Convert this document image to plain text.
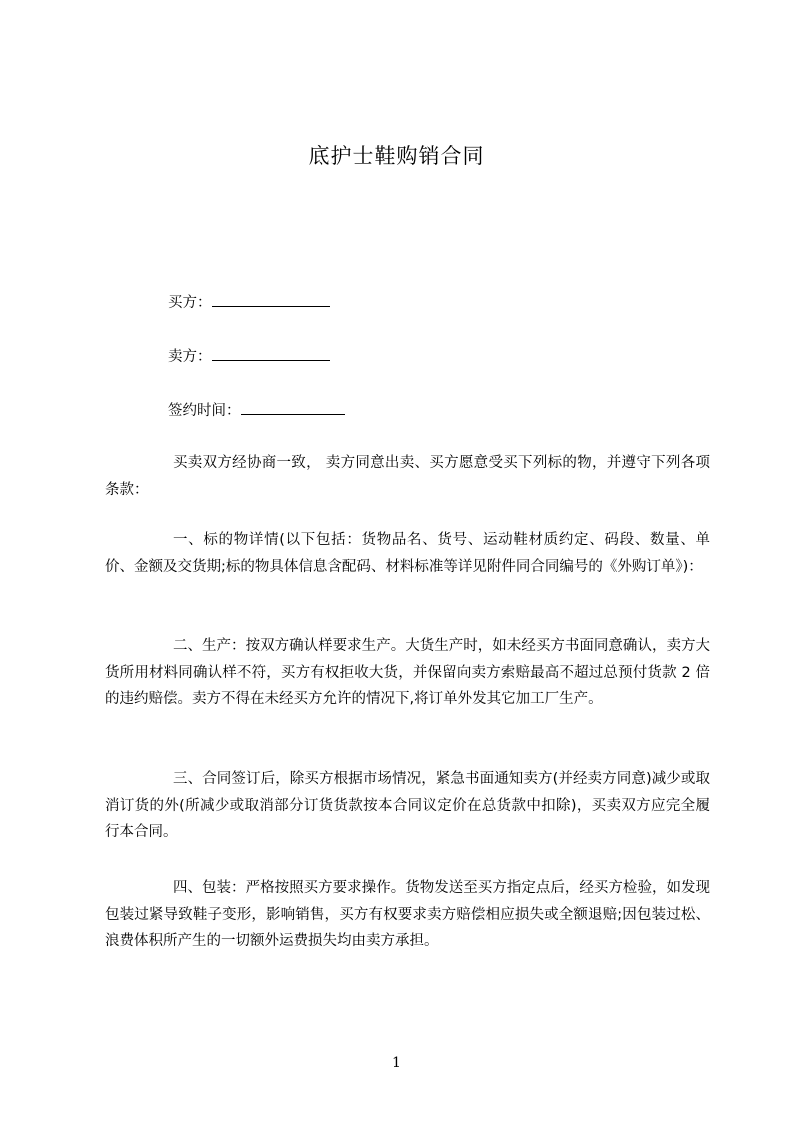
底护士鞋购销合同
买方：
卖方：
签约时间：
买卖双方经协商一致， 卖方同意出卖、买方愿意受买下列标的物，并遵守下列各项条款：
一、标的物详情(以下包括：货物品名、货号、运动鞋材质约定、码段、数量、单价、金额及交货期;标的物具体信息含配码、材料标准等详见附件同合同编号的《外购订单》)：
二、生产：按双方确认样要求生产。大货生产时，如未经买方书面同意确认，卖方大货所用材料同确认样不符，买方有权拒收大货，并保留向卖方索赔最高不超过总预付货款 2 倍的违约赔偿。卖方不得在未经买方允许的情况下,将订单外发其它加工厂生产。
三、合同签订后，除买方根据市场情况，紧急书面通知卖方(并经卖方同意)减少或取消订货的外(所减少或取消部分订货货款按本合同议定价在总货款中扣除)，买卖双方应完全履行本合同。
四、包装：严格按照买方要求操作。货物发送至买方指定点后，经买方检验，如发现包装过紧导致鞋子变形，影响销售，买方有权要求卖方赔偿相应损失或全额退赔;因包装过松、浪费体积所产生的一切额外运费损失均由卖方承担。
1
